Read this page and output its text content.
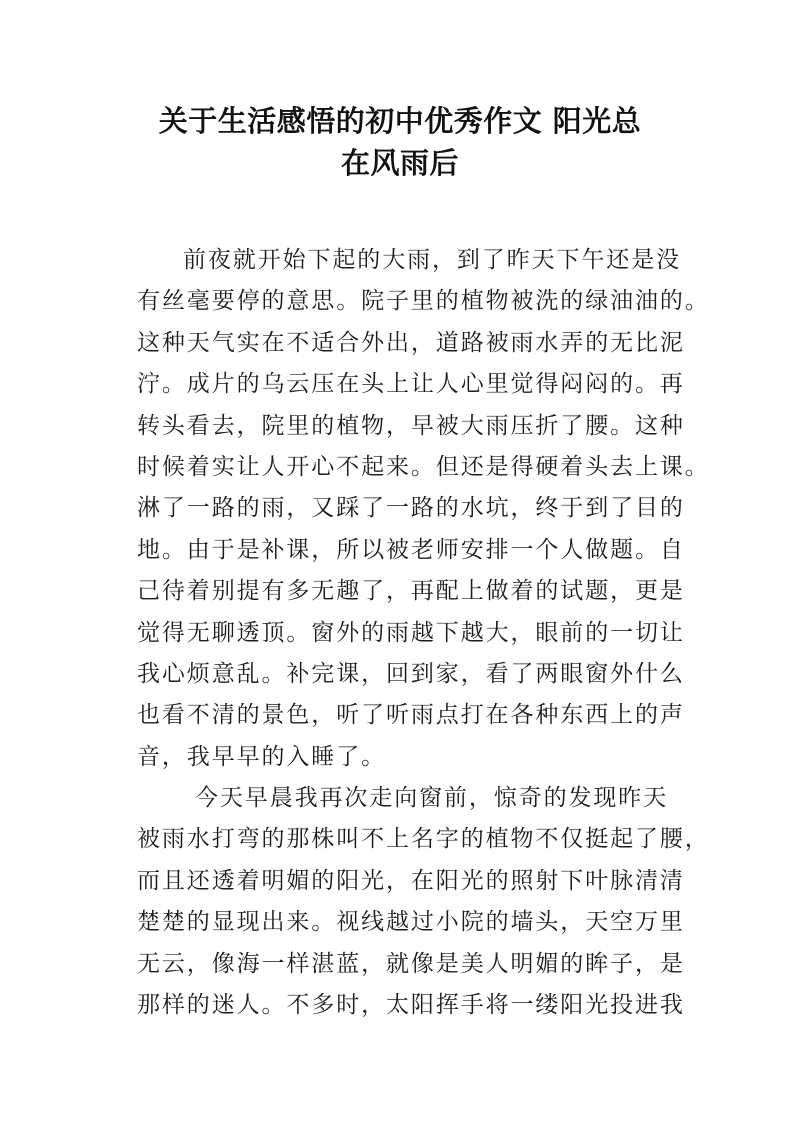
关于生活感悟的初中优秀作文 阳光总
在风雨后
前夜就开始下起的大雨，到了昨天下午还是没
有丝毫要停的意思。院子里的植物被洗的绿油油的。
这种天气实在不适合外出，道路被雨水弄的无比泥
泞。成片的乌云压在头上让人心里觉得闷闷的。再
转头看去，院里的植物，早被大雨压折了腰。这种
时候着实让人开心不起来。但还是得硬着头去上课。
淋了一路的雨，又踩了一路的水坑，终于到了目的
地。由于是补课，所以被老师安排一个人做题。自
己待着别提有多无趣了，再配上做着的试题，更是
觉得无聊透顶。窗外的雨越下越大，眼前的一切让
我心烦意乱。补完课，回到家，看了两眼窗外什么
也看不清的景色，听了听雨点打在各种东西上的声
音，我早早的入睡了。
今天早晨我再次走向窗前，惊奇的发现昨天
被雨水打弯的那株叫不上名字的植物不仅挺起了腰，
而且还透着明媚的阳光，在阳光的照射下叶脉清清
楚楚的显现出来。视线越过小院的墙头，天空万里
无云，像海一样湛蓝，就像是美人明媚的眸子，是
那样的迷人。不多时，太阳挥手将一缕阳光投进我
